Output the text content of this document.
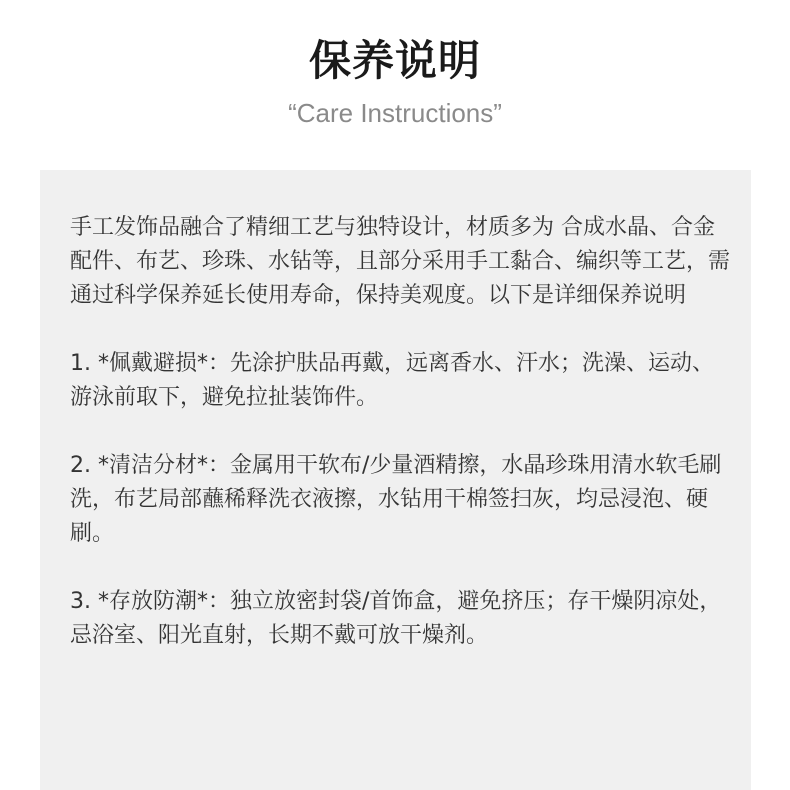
保养说明
“Care Instructions”

手工发饰品融合了精细工艺与独特设计，材质多为 合成水晶、合金配件、布艺、珍珠、水钻等，且部分采用手工黏合、编织等工艺，需通过科学保养延长使用寿命，保持美观度。以下是详细保养说明

1. *佩戴避损*：先涂护肤品再戴，远离香水、汗水；洗澡、运动、游泳前取下，避免拉扯装饰件。

2. *清洁分材*：金属用干软布/少量酒精擦，水晶珍珠用清水软毛刷洗，布艺局部蘸稀释洗衣液擦，水钻用干棉签扫灰，均忌浸泡、硬刷。

3. *存放防潮*：独立放密封袋/首饰盒，避免挤压；存干燥阴凉处，忌浴室、阳光直射，长期不戴可放干燥剂。
